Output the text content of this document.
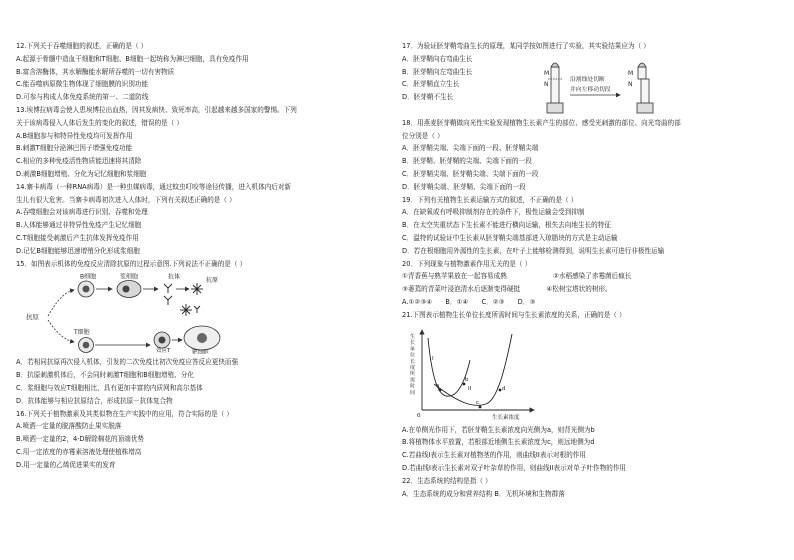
12.下列关于吞噬细胞的叙述，正确的是（ ）
A.起源于骨髓中造血干细胞和T细胞、B细胞一起统称为淋巴细胞，具有免疫作用
B.富含溶酶体，其水解酶能水解所吞噬的一切有害物质
C.能吞噬病原微生物体现了细胞膜的识别功能
D.可参与构成人体免疫系统的第一、二道防线
13.埃博拉病毒会使人患埃博拉出血热，因其发病快、致死率高，引起越来越多国家的警惕。下列
关于该病毒侵入人体后发生的变化的叙述，错误的是（ ）
A.B细胞参与和特异性免疫均可发挥作用
B.刺激T细胞分泌淋巴因子增强免疫功能
C.相应的多种免疫活性物质能迅速将其清除
D.刺激B细胞增殖、分化为记忆细胞和浆细胞
14.寨卡病毒（一种RNA病毒）是一种虫媒病毒，通过蚊虫叮咬等途径传播，进入机体内后对新
生儿有很大危害。当寨卡病毒初次进入人体时，下列有关叙述正确的是（ ）
A.吞噬细胞会对该病毒进行识别、吞噬和处理
B.人体能够通过非特异性免疫产生记忆细胞
C.T细胞接受刺激后产生抗体发挥免疫作用
D.记忆B细胞能够迅速增殖分化形成浆细胞
15．如图表示机体的免疫反应清除抗原的过程示意图.下列说法不正确的是（ ）
抗原
B细胞	浆细胞	抗体	抗原
T细胞
效应T	靶细胞
A．若相同抗原再次侵入机体，引发的二次免疫比初次免疫应答反应更快而强
B．抗原刺激机体后，不会同时刺激T细胞和B细胞增殖、分化
C．浆细胞与效应T细胞相比，具有更加丰富的内质网和高尔基体
D．抗体能够与相应抗原结合，形成抗原－抗体复合物
16.下列关于植物激素及其类似物在生产实践中的应用，符合实际的是（ ）
A.喷洒一定量的脱落酸防止果实脱落
B.喷洒一定量的2，4-D解除棉花的顶端优势
C.用一定浓度的赤霉素溶液处理使植株增高
D.用一定量的乙烯促进果实的发育
17．为验证胚芽鞘弯曲生长的原理，某同学按如图进行了实验，其实验结果应为（ ）
A．胚芽鞘向右弯曲生长
B．胚芽鞘向左弯曲生长
C．胚芽鞘直立生长
D．胚芽鞘不生长
M
N
沿割线处切断
并向左移动切段
M
N
18．用燕麦胚芽鞘做向光性实验发现植物生长素产生的部位、感受光刺激的部位、向光弯曲的部
位分别是（ ）
A．胚芽鞘尖端、尖端下面的一段、胚芽鞘尖端
B．胚芽鞘、胚芽鞘的尖端、尖端下面的一段
C．胚芽鞘尖端、胚芽鞘尖端、尖端下面的一段
D．胚芽鞘尖端、胚芽鞘、尖端下面的一段
19．下列有关植物生长素运输方式的叙述，不正确的是（ ）
A．在缺氧或有呼吸抑制剂存在的条件下，极性运输会受到抑制
B．在太空失重状态下生长素不能进行横向运输，根失去向地生长的特征
C．温特的试验证中生长素从胚芽鞘尖端基部进入琼脂块的方式是主动运输
D．若在根细胞用外源性的生长素，在叶子上能够检测得到，说明生长素可进行非极性运输
20．下列现象与植物激素作用无关的是（ ）
①青香蕉与熟苹果放在一起容易成熟　　　　　　　②水稻感染了赤霉菌后疯长
③萎蔫的青菜叶浸泡清水后逐渐变得硬挺　　　　④松树宝塔状的树形。
A.①②③④　　B．①④　　C．②③　　D．③
21.下图表示植物生长单位长度所需时间与生长素浓度的关系，正确的是（ ）
生长单位长度所需时间
0	生长素浓度
I
II
a
b
c
d
A.在单侧光作用下，若胚芽鞘生长素浓度向光侧为a，则背光侧为b
B.将植物体水平放置，若根部近地侧生长素浓度为c，则远地侧为d
C.若曲线I表示生长素对植物茎的作用，则曲线II表示对根的作用
D.若曲线I表示生长素对双子叶杂草的作用，则曲线II表示对单子叶作物的作用
22．生态系统的结构是指（ ）
A．生态系统的成分和营养结构 B．无机环境和生物群落
